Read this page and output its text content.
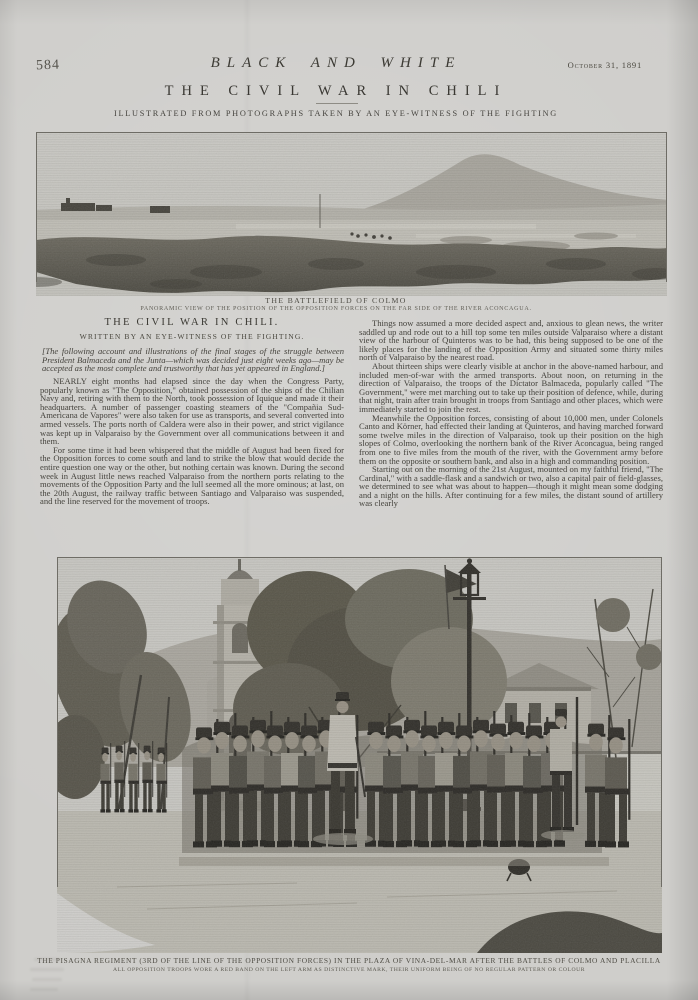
584	BLACK AND WHITE	October 31, 1891
THE CIVIL WAR IN CHILI
ILLUSTRATED FROM PHOTOGRAPHS TAKEN BY AN EYE-WITNESS OF THE FIGHTING
THE BATTLEFIELD OF COLMO
PANORAMIC VIEW OF THE POSITION OF THE OPPOSITION FORCES ON THE FAR SIDE OF THE RIVER ACONCAGUA.

THE CIVIL WAR IN CHILI.

WRITTEN BY AN EYE-WITNESS OF THE FIGHTING.

[The following account and illustrations of the final stages of the struggle between President Balmaceda and the Junta—which was decided just eight weeks ago—may be accepted as the most complete and trustworthy that has yet appeared in England.]

NEARLY eight months had elapsed since the day when the Congress Party, popularly known as "The Opposition," obtained possession of the ships of the Chilian Navy and, retiring with them to the North, took possession of Iquique and made it their headquarters. A number of passenger coasting steamers of the "Compañia Sud-Americana de Vapores" were also taken for use as transports, and several converted into armed vessels. The ports north of Caldera were also in their power, and strict vigilance was kept up in Valparaiso by the Government over all communications between it and them.

For some time it had been whispered that the middle of August had been fixed for the Opposition forces to come south and land to strike the blow that would decide the entire question one way or the other, but nothing certain was known. During the second week in August little news reached Valparaiso from the northern ports relating to the movements of the Opposition Party and the lull seemed all the more ominous; at last, on the 20th August, the railway traffic between Santiago and Valparaiso was suspended, and the line reserved for the movement of troops.

Things now assumed a more decided aspect and, anxious to glean news, the writer saddled up and rode out to a hill top some ten miles outside Valparaiso where a distant view of the harbour of Quinteros was to be had, this being supposed to be one of the likely places for the landing of the Opposition Army and situated some thirty miles north of Valparaiso by the nearest road.

About thirteen ships were clearly visible at anchor in the above-named harbour, and included men-of-war with the armed transports. About noon, on returning in the direction of Valparaiso, the troops of the Dictator Balmaceda, popularly called "The Government," were met marching out to take up their position of defence, while, during that night, train after train brought in troops from Santiago and other places, which were immediately started to join the rest.

Meanwhile the Opposition forces, consisting of about 10,000 men, under Colonels Canto and Körner, had effected their landing at Quinteros, and having marched forward some twelve miles in the direction of Valparaiso, took up their position on the high slopes of Colmo, overlooking the northern bank of the River Aconcagua, being ranged from one to five miles from the mouth of the river, with the Government army before them on the opposite or southern bank, and also in a high and commanding position.

Starting out on the morning of the 21st August, mounted on my faithful friend, "The Cardinal," with a saddle-flask and a sandwich or two, also a capital pair of field-glasses, we determined to see what was about to happen—though it might mean some dodging and a night on the hills. After continuing for a few miles, the distant sound of artillery was clearly

THE PISAGNA REGIMENT (3RD OF THE LINE OF THE OPPOSITION FORCES) IN THE PLAZA OF VINA-DEL-MAR AFTER THE BATTLES OF COLMO AND PLACILLA
ALL OPPOSITION TROOPS WORE A RED BAND ON THE LEFT ARM AS DISTINCTIVE MARK, THEIR UNIFORM BEING OF NO REGULAR PATTERN OR COLOUR
